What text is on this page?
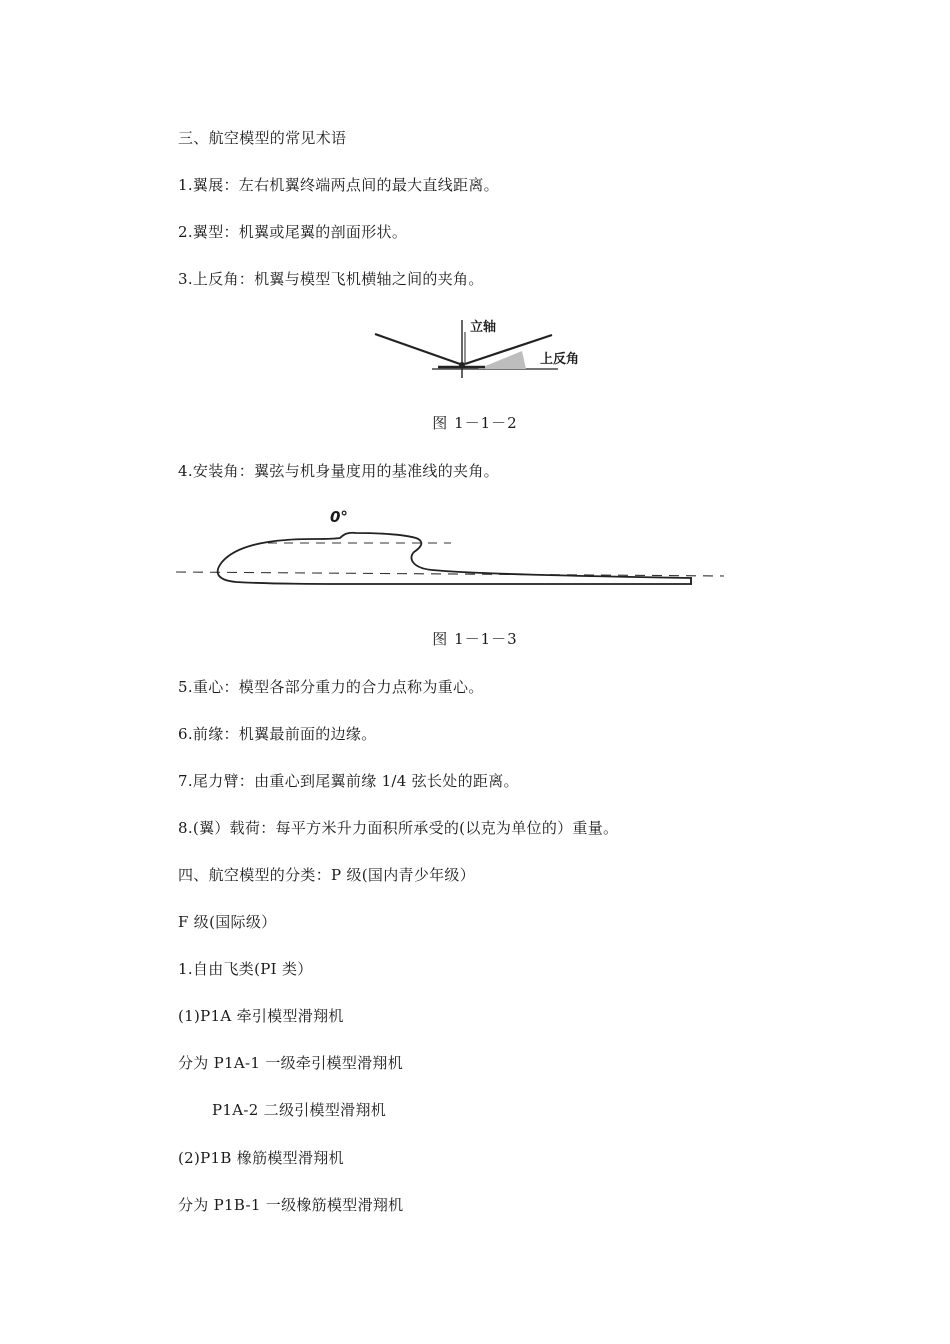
三、航空模型的常见术语
1.翼展：左右机翼终端两点间的最大直线距离。
2.翼型：机翼或尾翼的剖面形状。
3.上反角：机翼与模型飞机横轴之间的夹角。
立轴
上反角
图 1－1－2
4.安装角：翼弦与机身量度用的基准线的夹角。
0°
图 1－1－3
5.重心：模型各部分重力的合力点称为重心。
6.前缘：机翼最前面的边缘。
7.尾力臂：由重心到尾翼前缘 1/4 弦长处的距离。
8.(翼）载荷：每平方米升力面积所承受的(以克为单位的）重量。
四、航空模型的分类：P 级(国内青少年级）
F 级(国际级）
1.自由飞类(PI 类）
(1)P1A 牵引模型滑翔机
分为 P1A-1 一级牵引模型滑翔机
P1A-2 二级引模型滑翔机
(2)P1B 橡筋模型滑翔机
分为 P1B-1 一级橡筋模型滑翔机
